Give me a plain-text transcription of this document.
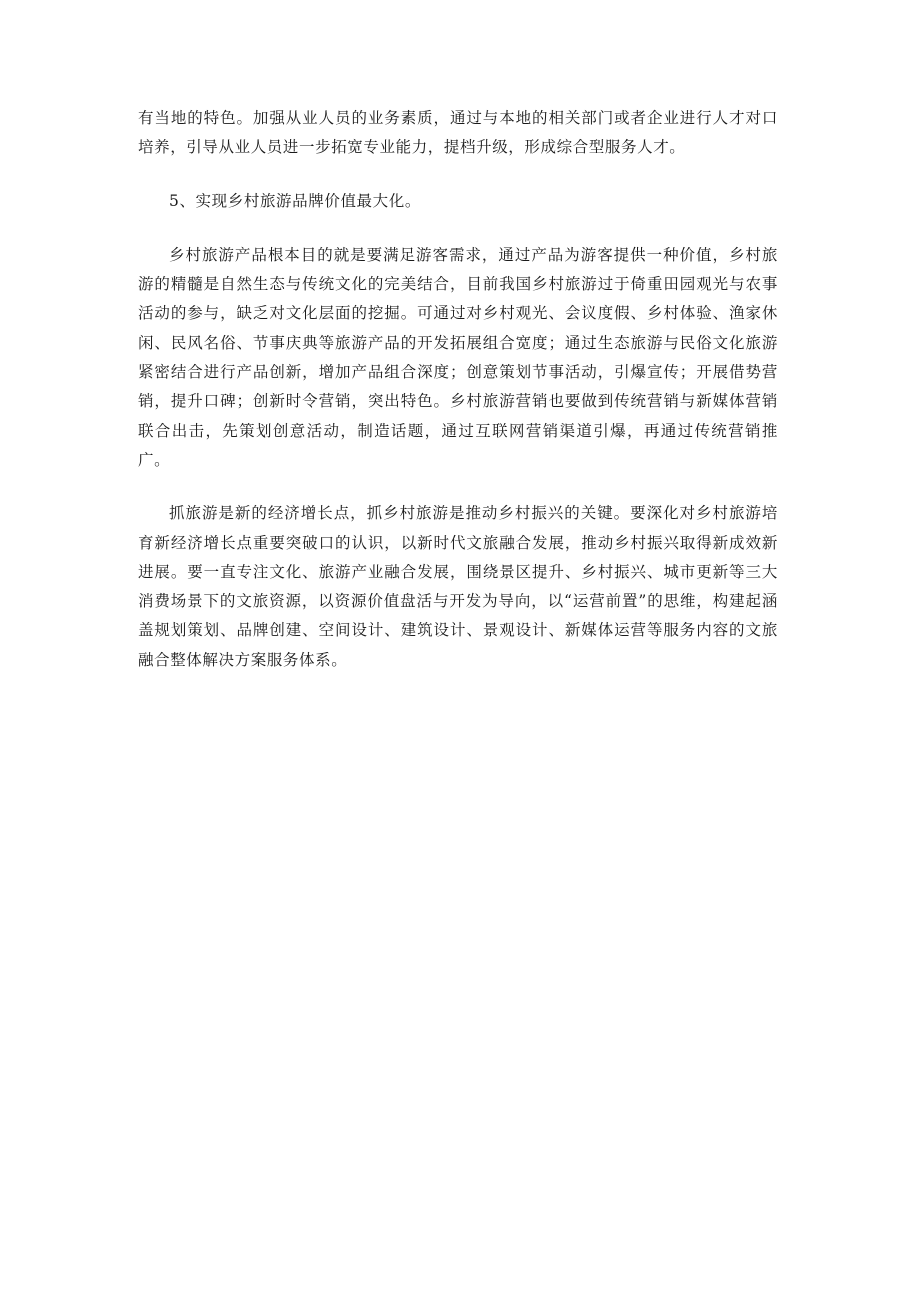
有当地的特色。加强从业人员的业务素质，通过与本地的相关部门或者企业进行人才对口培养，引导从业人员进一步拓宽专业能力，提档升级，形成综合型服务人才。

5、实现乡村旅游品牌价值最大化。

乡村旅游产品根本目的就是要满足游客需求，通过产品为游客提供一种价值，乡村旅游的精髓是自然生态与传统文化的完美结合，目前我国乡村旅游过于倚重田园观光与农事活动的参与，缺乏对文化层面的挖掘。可通过对乡村观光、会议度假、乡村体验、渔家休闲、民风名俗、节事庆典等旅游产品的开发拓展组合宽度；通过生态旅游与民俗文化旅游紧密结合进行产品创新，增加产品组合深度；创意策划节事活动，引爆宣传；开展借势营销，提升口碑；创新时令营销，突出特色。乡村旅游营销也要做到传统营销与新媒体营销联合出击，先策划创意活动，制造话题，通过互联网营销渠道引爆，再通过传统营销推广。

抓旅游是新的经济增长点，抓乡村旅游是推动乡村振兴的关键。要深化对乡村旅游培育新经济增长点重要突破口的认识，以新时代文旅融合发展，推动乡村振兴取得新成效新进展。要一直专注文化、旅游产业融合发展，围绕景区提升、乡村振兴、城市更新等三大消费场景下的文旅资源，以资源价值盘活与开发为导向，以“运营前置”的思维，构建起涵盖规划策划、品牌创建、空间设计、建筑设计、景观设计、新媒体运营等服务内容的文旅融合整体解决方案服务体系。
